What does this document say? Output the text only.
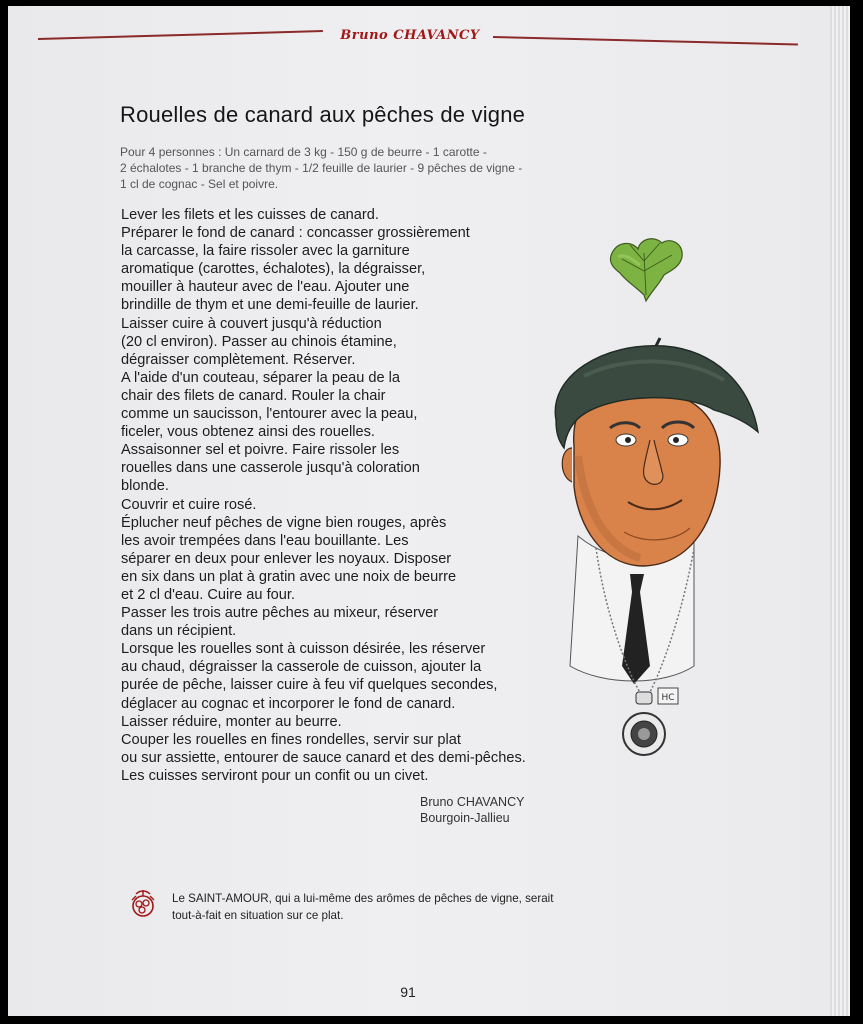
Bruno CHAVANCY
Rouelles de canard aux pêches de vigne
Pour 4 personnes : Un carnard de 3 kg - 150 g de beurre - 1 carotte -
2 échalotes - 1 branche de thym - 1/2 feuille de laurier - 9 pêches de vigne -
1 cl de cognac - Sel et poivre.
Lever les filets et les cuisses de canard.
Préparer le fond de canard : concasser grossièrement
la carcasse, la faire rissoler avec la garniture
aromatique (carottes, échalotes), la dégraisser,
mouiller à hauteur avec de l'eau. Ajouter une
brindille de thym et une demi-feuille de laurier.
Laisser cuire à couvert jusqu'à réduction
(20 cl environ). Passer au chinois étamine,
dégraisser complètement. Réserver.
A l'aide d'un couteau, séparer la peau de la
chair des filets de canard. Rouler la chair
comme un saucisson, l'entourer avec la peau,
ficeler, vous obtenez ainsi des rouelles.
Assaisonner sel et poivre. Faire rissoler les
rouelles dans une casserole jusqu'à coloration
blonde.
Couvrir et cuire rosé.
Éplucher neuf pêches de vigne bien rouges, après
les avoir trempées dans l'eau bouillante. Les
séparer en deux pour enlever les noyaux. Disposer
en six dans un plat à gratin avec une noix de beurre
et 2 cl d'eau. Cuire au four.
Passer les trois autre pêches au mixeur, réserver
dans un récipient.
Lorsque les rouelles sont à cuisson désirée, les réserver
au chaud, dégraisser la casserole de cuisson, ajouter la
purée de pêche, laisser cuire à feu vif quelques secondes,
déglacer au cognac et incorporer le fond de canard.
Laisser réduire, monter au beurre.
Couper les rouelles en fines rondelles, servir sur plat
ou sur assiette, entourer de sauce canard et des demi-pêches.
Les cuisses serviront pour un confit ou un civet.
HC
Bruno CHAVANCY
Bourgoin-Jallieu
Le SAINT-AMOUR, qui a lui-même des arômes de pêches de vigne, serait
tout-à-fait en situation sur ce plat.
91
